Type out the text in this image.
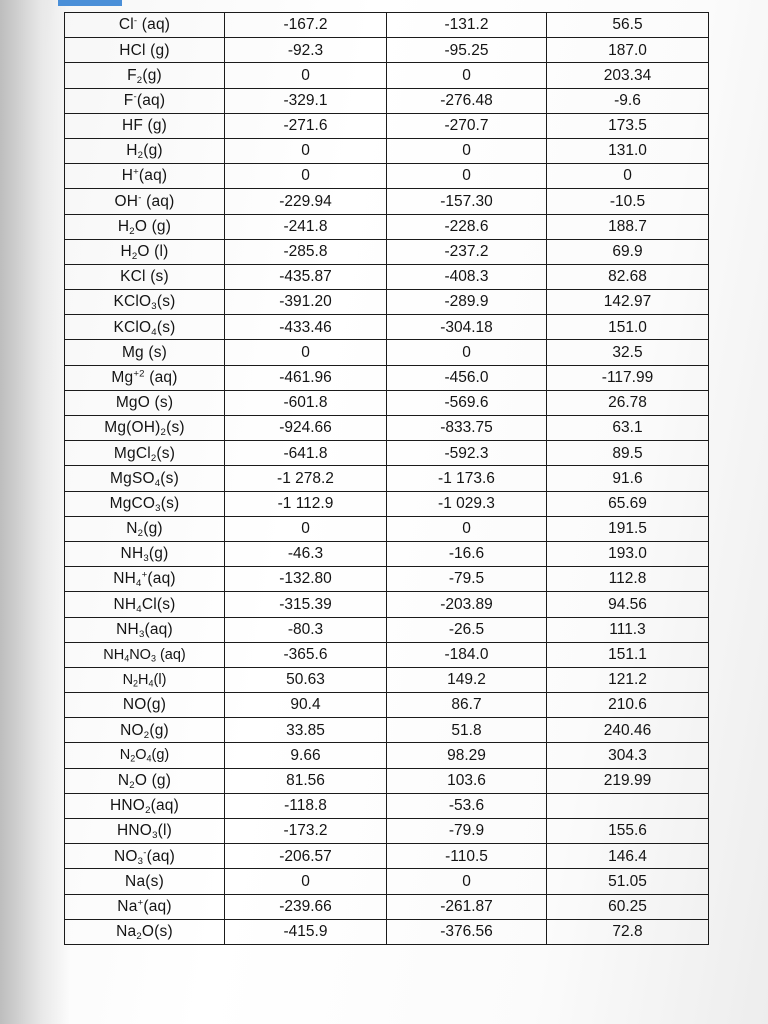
Cl- (aq)	-167.2	-131.2	56.5
HCl (g)	-92.3	-95.25	187.0
$F_2(g)$	0	0	203.34
F-(aq)	-329.1	-276.48	-9.6
HF (g)	-271.6	-270.7	173.5
$H_2(g)$	0	0	131.0
H+(aq)	0	0	0
OH- (aq)	-229.94	-157.30	-10.5
$H_2O$ (g)	-241.8	-228.6	188.7
$H_2O$ (l)	-285.8	-237.2	69.9
KCl (s)	-435.87	-408.3	82.68
KClO$_3$(s)	-391.20	-289.9	142.97
KClO$_4$(s)	-433.46	-304.18	151.0
Mg (s)	0	0	32.5
$Mg^{+2}$ (aq)	-461.96	-456.0	-117.99
MgO (s)	-601.8	-569.6	26.78
$Mg(OH)_2(s)$	-924.66	-833.75	63.1
MgCl$_2$(s)	-641.8	-592.3	89.5
MgSO$_4$(s)	-1 278.2	-1 173.6	91.6
MgCO$_3$(s)	-1 112.9	-1 029.3	65.69
$N_2(g)$	0	0	191.5
$NH_3(g)$	-46.3	-16.6	193.0
$NH_4^+(aq)$	-132.80	-79.5	112.8
$NH_4Cl(s)$	-315.39	-203.89	94.56
$NH_3(aq)$	-80.3	-26.5	111.3
$NH_4NO_3$ (aq)	-365.6	-184.0	151.1
$N_2H_4(l)$	50.63	149.2	121.2
NO(g)	90.4	86.7	210.6
$NO_2(g)$	33.85	51.8	240.46
$N_2O_4(g)$	9.66	98.29	304.3
$N_2O$ (g)	81.56	103.6	219.99
$HNO_2(aq)$	-118.8	-53.6	
$HNO_3(l)$	-173.2	-79.9	155.6
$NO_3^-(aq)$	-206.57	-110.5	146.4
Na(s)	0	0	51.05
Na+(aq)	-239.66	-261.87	60.25
$Na_2O(s)$	-415.9	-376.56	72.8
